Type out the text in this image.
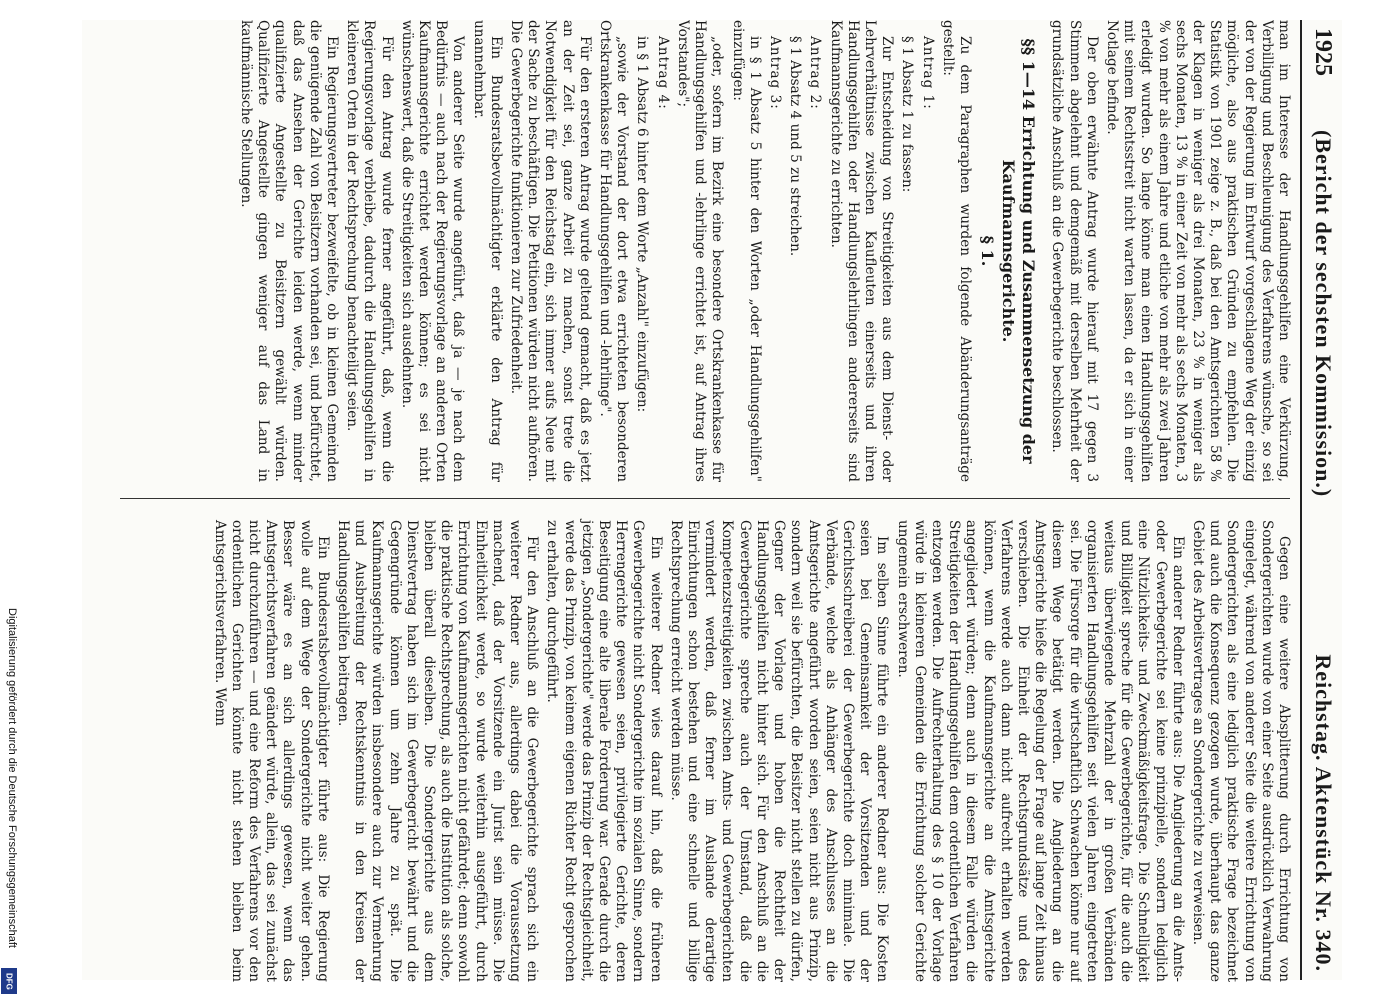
1925
(Bericht der sechsten Kommission.)
Reichstag. Aktenstück Nr. 340.

man im Interesse der Handlungsgehilfen eine Verkürzung, Verbilligung und Beschleunigung des Verfahrens wünsche, so sei der von der Regierung im Entwurf vorgeschlagene Weg der einzig mögliche, also aus praktischen Gründen zu empfehlen. Die Statistik von 1901 zeige z. B., daß bei den Amtsgerichten 58 % der Klagen in weniger als drei Monaten, 23 % in weniger als sechs Monaten, 13 % in einer Zeit von mehr als sechs Monaten, 3 % von mehr als einem Jahre und etliche von mehr als zwei Jahren erledigt wurden. So lange könne man einen Handlungsgehilfen mit seinem Rechtsstreit nicht warten lassen, da er sich in einer Notlage befinde.

Der oben erwähnte Antrag wurde hierauf mit 17 gegen 3 Stimmen abgelehnt und demgemäß mit derselben Mehrheit der grundsätzliche Anschluß an die Gewerbegerichte beschlossen.

§§ 1—14 Errichtung und Zusammensetzung der Kaufmannsgerichte.
§ 1.

Zu dem Paragraphen wurden folgende Abänderungsanträge gestellt:

Antrag 1:

§ 1 Absatz 1 zu fassen:

Zur Entscheidung von Streitigkeiten aus dem Dienst- oder Lehrverhältnisse zwischen Kaufleuten einerseits und ihren Handlungsgehilfen oder Handlungslehrlingen andererseits sind Kaufmannsgerichte zu errichten.

Antrag 2:

§ 1 Absatz 4 und 5 zu streichen.

Antrag 3:

in § 1 Absatz 5 hinter den Worten „oder Handlungsgehilfen" einzufügen:

„oder, sofern im Bezirk eine besondere Ortskrankenkasse für Handlungsgehilfen und -lehrlinge errichtet ist, auf Antrag ihres Vorstandes";

Antrag 4:

in § 1 Absatz 6 hinter dem Worte „Anzahl" einzufügen:

„sowie der Vorstand der dort etwa errichteten besonderen Ortskrankenkasse für Handlungsgehilfen und -lehrlinge".

Für den ersteren Antrag wurde geltend gemacht, daß es jetzt an der Zeit sei, ganze Arbeit zu machen, sonst trete die Notwendigkeit für den Reichstag ein, sich immer aufs Neue mit der Sache zu beschäftigen. Die Petitionen würden nicht aufhören. Die Gewerbegerichte funktionieren zur Zufriedenheit.

Ein Bundesratsbevollmächtigter erklärte den Antrag für unannehmbar.

Von anderer Seite wurde angeführt, daß ja — je nach dem Bedürfnis — auch nach der Regierungsvorlage an anderen Orten Kaufmannsgerichte errichtet werden können; es sei nicht wünschenswert, daß die Streitigkeiten sich ausdehnten.

Für den Antrag wurde ferner angeführt, daß, wenn die Regierungsvorlage verbleibe, dadurch die Handlungsgehilfen in kleineren Orten in der Rechtsprechung benachteiligt seien.

Ein Regierungsvertreter bezweifelte, ob in kleinen Gemeinden die genügende Zahl von Beisitzern vorhanden sei, und befürchtet, daß das Ansehen der Gerichte leiden werde, wenn minder qualifizierte Angestellte zu Beisitzern gewählt würden. Qualifizierte Angestellte gingen weniger auf das Land in kaufmännische Stellungen.

Gegen eine weitere Absplitterung durch Errichtung von Sondergerichten wurde von einer Seite ausdrücklich Verwahrung eingelegt, während von anderer Seite die weitere Errichtung von Sondergerichten als eine lediglich praktische Frage bezeichnet und auch die Konsequenz gezogen wurde, überhaupt das ganze Gebiet des Arbeitsvertrages an Sondergerichte zu verweisen.

Ein anderer Redner führte aus: Die Angliederung an die Amts- oder Gewerbegerichte sei keine prinzipielle, sondern lediglich eine Nützlichkeits- und Zweckmäßigkeitsfrage. Die Schnelligkeit und Billigkeit spreche für die Gewerbegerichte, für die auch die weitaus überwiegende Mehrzahl der in großen Verbänden organisierten Handlungsgehilfen seit vielen Jahren eingetreten sei. Die Fürsorge für die wirtschaftlich Schwachen könne nur auf diesem Wege betätigt werden. Die Angliederung an die Amtsgerichte hieße die Regelung der Frage auf lange Zeit hinaus verschieben. Die Einheit der Rechtsgrundsätze und des Verfahrens werde auch dann nicht aufrecht erhalten werden können, wenn die Kaufmannsgerichte an die Amtsgerichte angegliedert würden; denn auch in diesem Falle würden die Streitigkeiten der Handlungsgehilfen dem ordentlichen Verfahren entzogen werden. Die Aufrechterhaltung des § 10 der Vorlage würde in kleineren Gemeinden die Errichtung solcher Gerichte ungemein erschweren.

Im selben Sinne führte ein anderer Redner aus: Die Kosten seien bei Gemeinsamkeit der Vorsitzenden und der Gerichtsschreiberei der Gewerbegerichte doch minimale. Die Verbände, welche als Anhänger des Anschlusses an die Amtsgerichte angeführt worden seien, seien nicht aus Prinzip, sondern weil sie befürchten, die Beisitzer nicht stellen zu dürfen, Gegner der Vorlage und hoben die Rechtheit der Handlungsgehilfen nicht hinter sich. Für den Anschluß an die Gewerbegerichte spreche auch der Umstand, daß die Kompetenzstreitigkeiten zwischen Amts- und Gewerbegerichten vermindert werden, daß ferner im Auslande derartige Einrichtungen schon bestehen und eine schnelle und billige Rechtsprechung erreicht werden müsse.

Ein weiterer Redner wies darauf hin, daß die früheren Gewerbegerichte nicht Sondergerichte im sozialen Sinne, sondern Herrengerichte gewesen seien, privilegierte Gerichte, deren Beseitigung eine alte liberale Forderung war. Gerade durch die jetzigen „Sondergerichte" werde das Prinzip der Rechtsgleichheit, werde das Prinzip, von keinem eigenen Richter Recht gesprochen zu erhalten, durchgeführt.

Für den Anschluß an die Gewerbegerichte sprach sich ein weiterer Redner aus, allerdings dabei die Voraussetzung machend, daß der Vorsitzende ein Jurist sein müsse. Die Einheitlichkeit werde, so wurde weiterhin ausgeführt, durch Errichtung von Kaufmannsgerichten nicht gefährdet; denn sowohl die praktische Rechtsprechung, als auch die Institution als solche, bleiben überall dieselben. Die Sondergerichte aus dem Dienstvertrag haben sich im Gewerbegericht bewährt und die Gegengründe können um zehn Jahre zu spät. Die Kaufmannsgerichte würden insbesondere auch zur Vermehrung und Ausbreitung der Rechtskenntnis in den Kreisen der Handlungsgehilfen beitragen.

Ein Bundesratsbevollmächtigter führte aus: Die Regierung wolle auf dem Wege der Sondergerichte nicht weiter gehen. Besser wäre es an sich allerdings gewesen, wenn das Amtsgerichtsverfahren geändert würde, allein, das sei zunächst nicht durchzuführen — und eine Reform des Verfahrens vor den ordentlichen Gerichten könnte nicht stehen bleiben beim Amtsgerichtsverfahren. Wenn

Digitalisierung gefördert durch die Deutsche Forschungsgemeinschaft
DFG
